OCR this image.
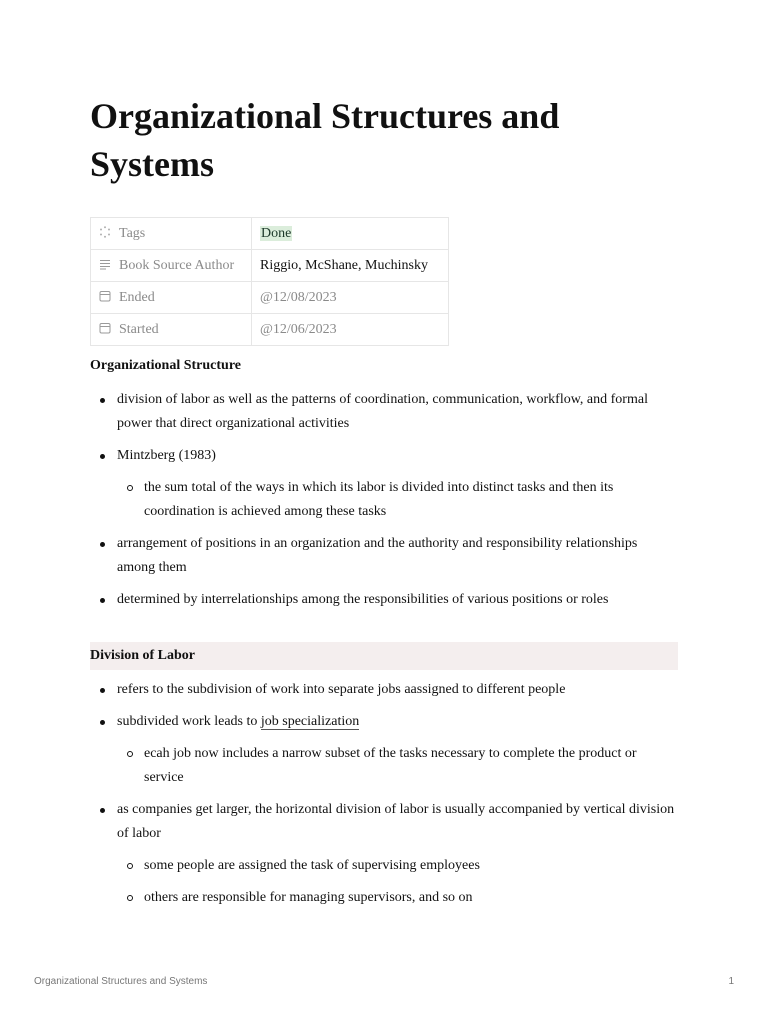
Organizational Structures and Systems
Tags	Done
Book Source Author	Riggio, McShane, Muchinsky
Ended	@12/08/2023
Started	@12/06/2023
Organizational Structure
division of labor as well as the patterns of coordination, communication, workflow, and formal power that direct organizational activities
Mintzberg (1983)
the sum total of the ways in which its labor is divided into distinct tasks and then its coordination is achieved among these tasks
arrangement of positions in an organization and the authority and responsibility relationships among them
determined by interrelationships among the responsibilities of various positions or roles
Division of Labor
refers to the subdivision of work into separate jobs aassigned to different people
subdivided work leads to job specialization
ecah job now includes a narrow subset of the tasks necessary to complete the product or service
as companies get larger, the horizontal division of labor is usually accompanied by vertical division of labor
some people are assigned the task of supervising employees
others are responsible for managing supervisors, and so on
Organizational Structures and Systems	1
